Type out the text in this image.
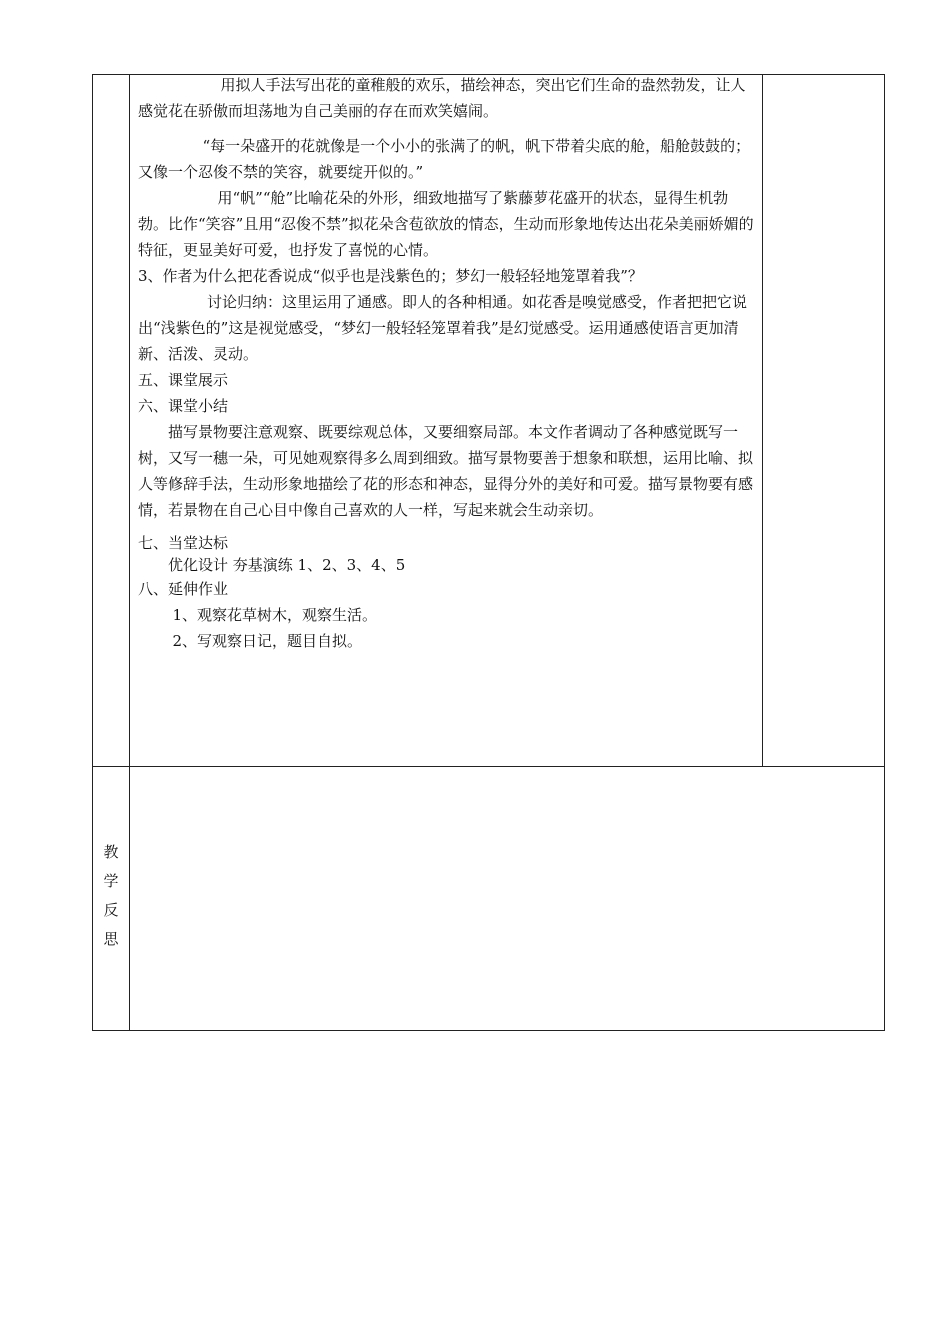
用拟人手法写出花的童稚般的欢乐，描绘神态，突出它们生命的盎然勃发，让人感觉花在骄傲而坦荡地为自己美丽的存在而欢笑嬉闹。

“每一朵盛开的花就像是一个小小的张满了的帆，帆下带着尖底的舱，船舱鼓鼓的；又像一个忍俊不禁的笑容，就要绽开似的。”

用“帆”“舱”比喻花朵的外形，细致地描写了紫藤萝花盛开的状态，显得生机勃勃。比作“笑容”且用“忍俊不禁”拟花朵含苞欲放的情态，生动而形象地传达出花朵美丽娇媚的特征，更显美好可爱，也抒发了喜悦的心情。

3、作者为什么把花香说成“似乎也是浅紫色的；梦幻一般轻轻地笼罩着我”？

讨论归纳：这里运用了通感。即人的各种相通。如花香是嗅觉感受，作者把把它说出“浅紫色的”这是视觉感受，“梦幻一般轻轻笼罩着我”是幻觉感受。运用通感使语言更加清新、活泼、灵动。

五、课堂展示

六、课堂小结

描写景物要注意观察、既要综观总体，又要细察局部。本文作者调动了各种感觉既写一树，又写一穗一朵，可见她观察得多么周到细致。描写景物要善于想象和联想，运用比喻、拟人等修辞手法，生动形象地描绘了花的形态和神态，显得分外的美好和可爱。描写景物要有感情，若景物在自己心目中像自己喜欢的人一样，写起来就会生动亲切。

七、当堂达标

优化设计 夯基演练 1、2、3、4、5

八、延伸作业

1、观察花草树木，观察生活。

2、写观察日记，题目自拟。

教
学
反
思
